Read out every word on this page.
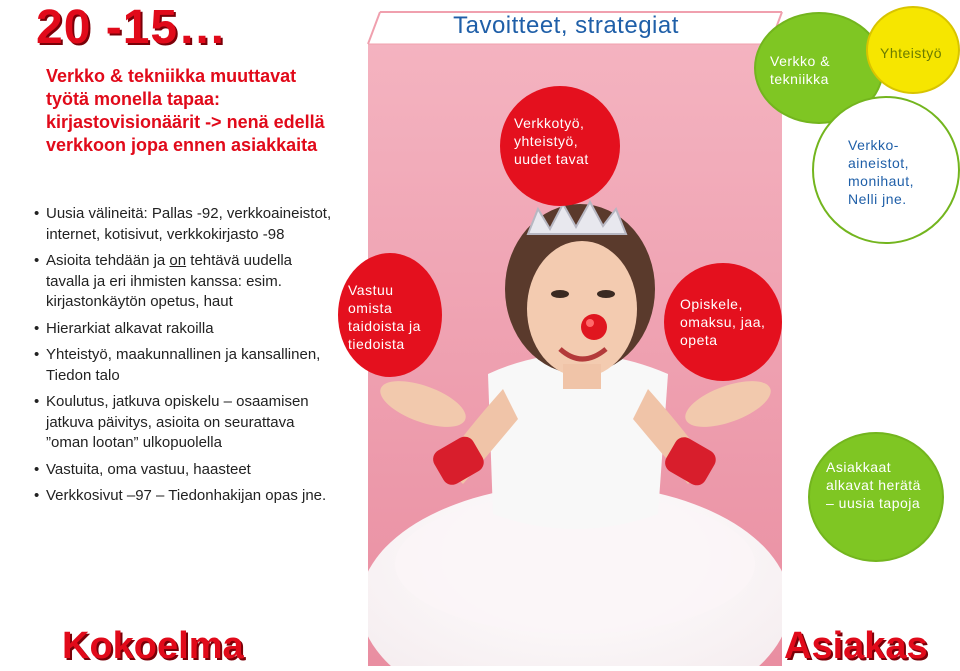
20 -15…
Verkko & tekniikka muuttavat työtä monella tapaa: kirjastovisionäärit -> nenä edellä verkkoon jopa ennen asiakkaita
• Uusia välineitä: Pallas -92, verkkoaineistot, internet, kotisivut, verkkokirjasto -98
• Asioita tehdään ja on tehtävä uudella tavalla ja eri ihmisten kanssa: esim. kirjastonkäytön opetus, haut
• Hierarkiat alkavat rakoilla
• Yhteistyö, maakunnallinen ja kansallinen, Tiedon talo
• Koulutus, jatkuva opiskelu – osaamisen jatkuva päivitys, asioita on seurattava ”oman lootan” ulkopuolella
• Vastuita, oma vastuu, haasteet
• Verkkosivut –97 – Tiedonhakijan opas jne.
Kokoelma	Asiakas
Tavoitteet, strategiat
Vastuu omista taidoista ja tiedoista
Verkkotyö, yhteistyö, uudet tavat
Opiskele, omaksu, jaa, opeta
Verkko & tekniikka
Yhteistyö
Verkko-aineistot, monihaut, Nelli jne.
Asiakkaat alkavat herätä – uusia tapoja
